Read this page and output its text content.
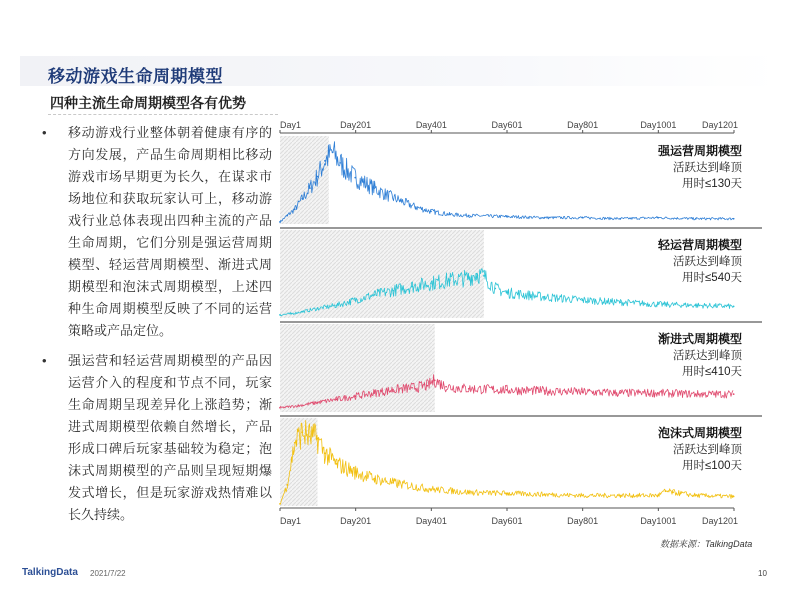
移动游戏生命周期模型
四种主流生命周期模型各有优势
•	移动游戏行业整体朝着健康有序的方向发展，产品生命周期相比移动游戏市场早期更为长久，在谋求市场地位和获取玩家认可上，移动游戏行业总体表现出四种主流的产品生命周期，它们分别是强运营周期模型、轻运营周期模型、渐进式周期模型和泡沫式周期模型，上述四种生命周期模型反映了不同的运营策略或产品定位。
•	强运营和轻运营周期模型的产品因运营介入的程度和节点不同，玩家生命周期呈现差异化上涨趋势；渐进式周期模型依赖自然增长，产品形成口碑后玩家基础较为稳定；泡沫式周期模型的产品则呈现短期爆发式增长，但是玩家游戏热情难以长久持续。
Day1	Day201	Day401	Day601	Day801	Day1001	Day1201
Day1	Day201	Day401	Day601	Day801	Day1001	Day1201
强运营周期模型
活跃达到峰顶
用时≤130天
轻运营周期模型
活跃达到峰顶
用时≤540天
渐进式周期模型
活跃达到峰顶
用时≤410天
泡沫式周期模型
活跃达到峰顶
用时≤100天
数据来源：TalkingData
TalkingData 2021/7/22	10
